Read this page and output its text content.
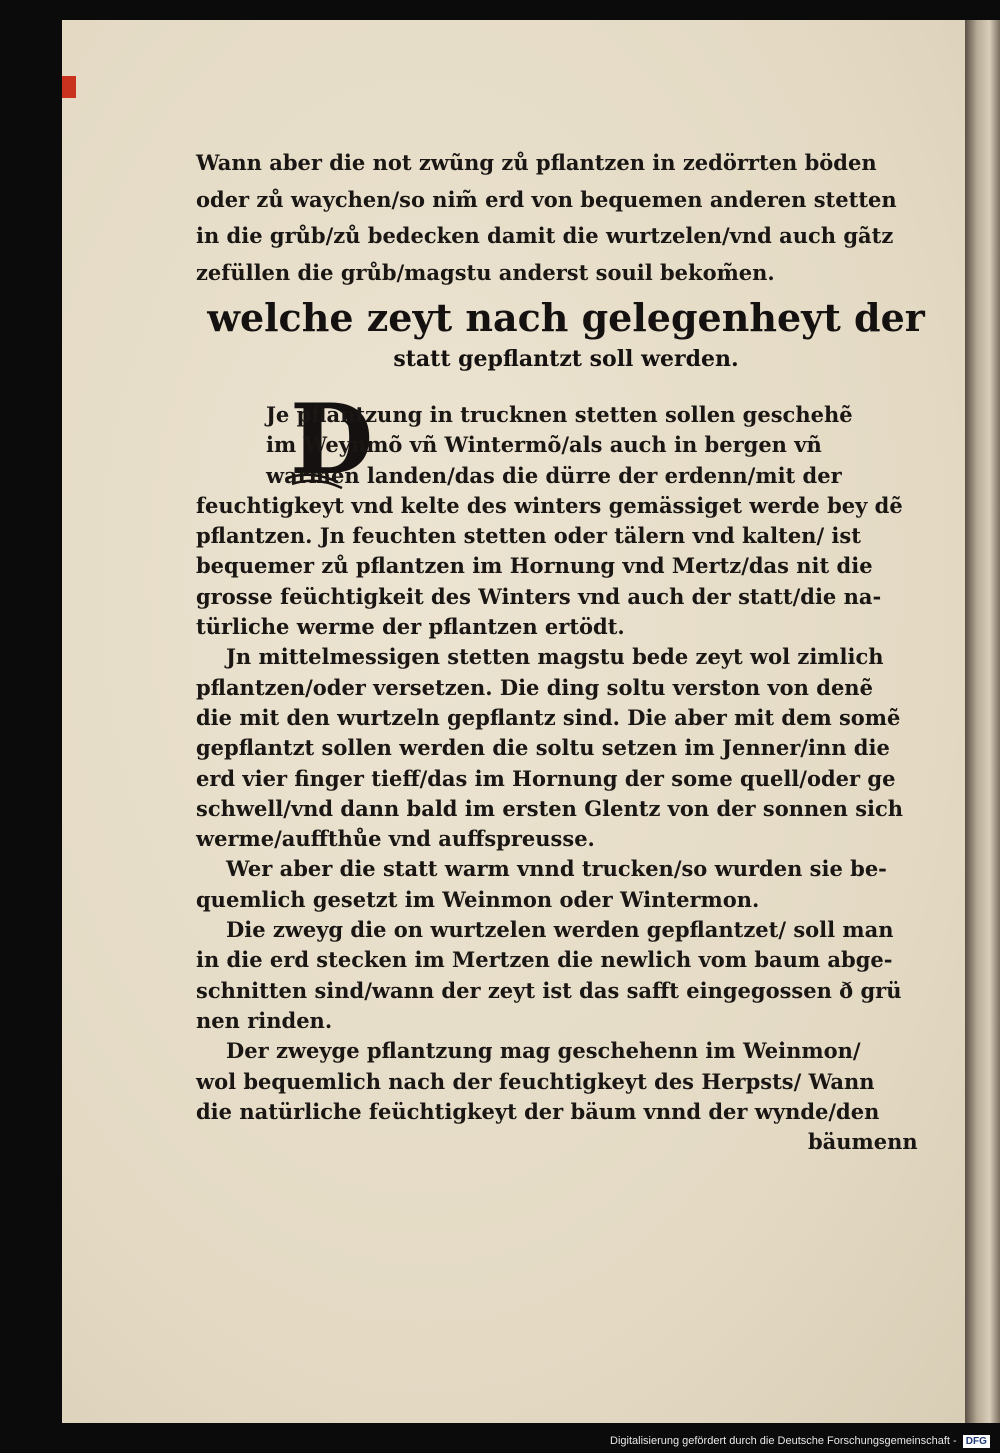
Wann aber die not zwũng zů pflantzen in zedörrten böden
oder zů waychen/so nim̃ erd von bequemen anderen stetten
in die grůb/zů bedecken damit die wurtzelen/vnd auch gãtz
zefüllen die grůb/magstu anderst souil bekom̃en.
welche zeyt nach gelegenheyt der
statt gepflantzt soll werden.
D
Je pflantzung in trucknen stetten sollen geschehẽ
im Weynmõ vñ Wintermõ/als auch in bergen vñ
warmen landen/das die dürre der erdenn/mit der
feuchtigkeyt vnd kelte des winters gemässiget werde bey dẽ
pflantzen. Jn feuchten stetten oder tälern vnd kalten/ ist
bequemer zů pflantzen im Hornung vnd Mertz/das nit die
grosse feüchtigkeit des Winters vnd auch der statt/die na-
türliche werme der pflantzen ertödt.
Jn mittelmessigen stetten magstu bede zeyt wol zimlich
pflantzen/oder versetzen. Die ding soltu verston von denẽ
die mit den wurtzeln gepflantz sind. Die aber mit dem somẽ
gepflantzt sollen werden die soltu setzen im Jenner/inn die
erd vier finger tieff/das im Hornung der some quell/oder ge
schwell/vnd dann bald im ersten Glentz von der sonnen sich
werme/auffthůe vnd auffspreusse.
Wer aber die statt warm vnnd trucken/so wurden sie be-
quemlich gesetzt im Weinmon oder Wintermon.
Die zweyg die on wurtzelen werden gepflantzet/ soll man
in die erd stecken im Mertzen die newlich vom baum abge-
schnitten sind/wann der zeyt ist das safft eingegossen ð grü
nen rinden.
Der zweyge pflantzung mag geschehenn im Weinmon/
wol bequemlich nach der feuchtigkeyt des Herpsts/ Wann
die natürliche feüchtigkeyt der bäum vnnd der wynde/den
bäumenn
Digitalisierung gefördert durch die Deutsche Forschungsgemeinschaft - DFG
